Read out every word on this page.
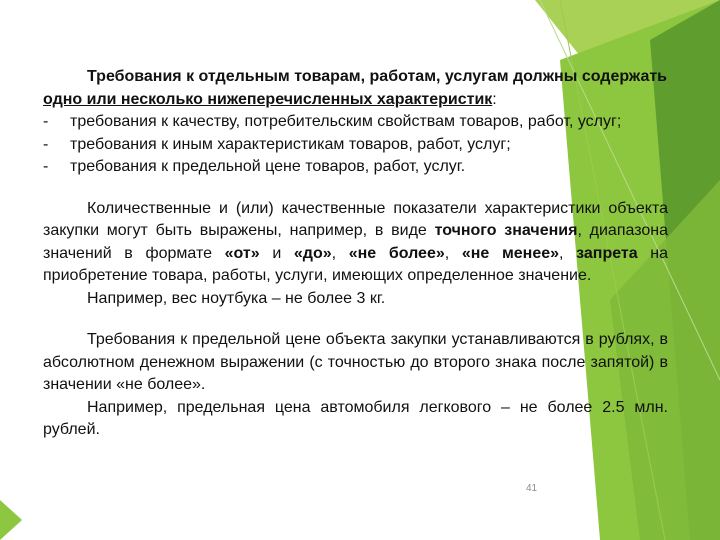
Требования к отдельным товарам, работам, услугам должны содержать одно или несколько нижеперечисленных характеристик:

-	требования к качеству, потребительским свойствам товаров, работ, услуг;
-	требования к иным характеристикам товаров, работ, услуг;
-	требования к предельной цене товаров, работ, услуг.

Количественные и (или) качественные показатели характеристики объекта закупки могут быть выражены, например, в виде точного значения, диапазона значений в формате «от» и «до», «не более», «не менее», запрета на приобретение товара, работы, услуги, имеющих определенное значение.

Например, вес ноутбука – не более 3 кг.

Требования к предельной цене объекта закупки устанавливаются в рублях, в абсолютном денежном выражении (с точностью до второго знака после запятой) в значении «не более».

Например, предельная цена автомобиля легкового – не более 2.5 млн. рублей.

41
